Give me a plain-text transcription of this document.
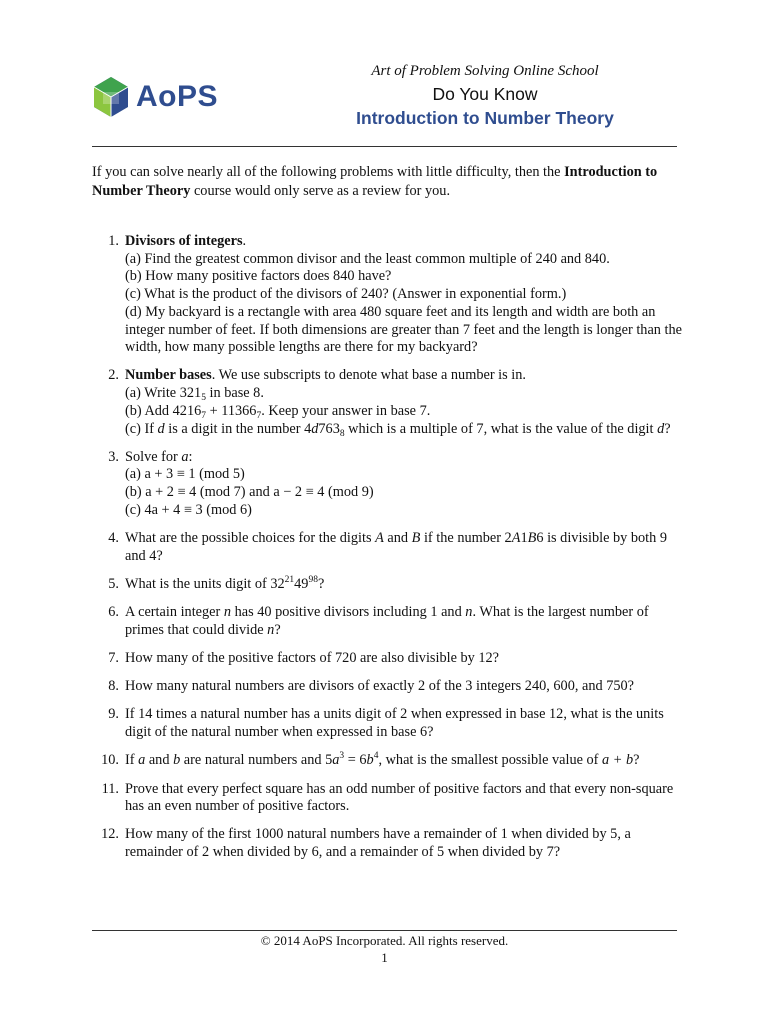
AoPS
Art of Problem Solving Online School
Do You Know
Introduction to Number Theory
If you can solve nearly all of the following problems with little difficulty, then the Introduction to Number Theory course would only serve as a review for you.
1. Divisors of integers.
(a) Find the greatest common divisor and the least common multiple of 240 and 840.
(b) How many positive factors does 840 have?
(c) What is the product of the divisors of 240? (Answer in exponential form.)
(d) My backyard is a rectangle with area 480 square feet and its length and width are both an integer number of feet. If both dimensions are greater than 7 feet and the length is longer than the width, how many possible lengths are there for my backyard?
2. Number bases. We use subscripts to denote what base a number is in.
(a) Write $321_5$ in base 8.
(b) Add $4216_7 + 11366_7$. Keep your answer in base 7.
(c) If d is a digit in the number $4d763_8$ which is a multiple of 7, what is the value of the digit d?
3. Solve for a:
(a) a + 3 ≡ 1 (mod 5)
(b) a + 2 ≡ 4 (mod 7) and a − 2 ≡ 4 (mod 9)
(c) 4a + 4 ≡ 3 (mod 6)
4. What are the possible choices for the digits A and B if the number 2A1B6 is divisible by both 9 and 4?
5. What is the units digit of $32^{21}49^{98}$?
6. A certain integer n has 40 positive divisors including 1 and n. What is the largest number of primes that could divide n?
7. How many of the positive factors of 720 are also divisible by 12?
8. How many natural numbers are divisors of exactly 2 of the 3 integers 240, 600, and 750?
9. If 14 times a natural number has a units digit of 2 when expressed in base 12, what is the units digit of the natural number when expressed in base 6?
10. If a and b are natural numbers and $5a^3 = 6b^4$, what is the smallest possible value of a + b?
11. Prove that every perfect square has an odd number of positive factors and that every non-square has an even number of positive factors.
12. How many of the first 1000 natural numbers have a remainder of 1 when divided by 5, a remainder of 2 when divided by 6, and a remainder of 5 when divided by 7?
© 2014 AoPS Incorporated. All rights reserved.
1
